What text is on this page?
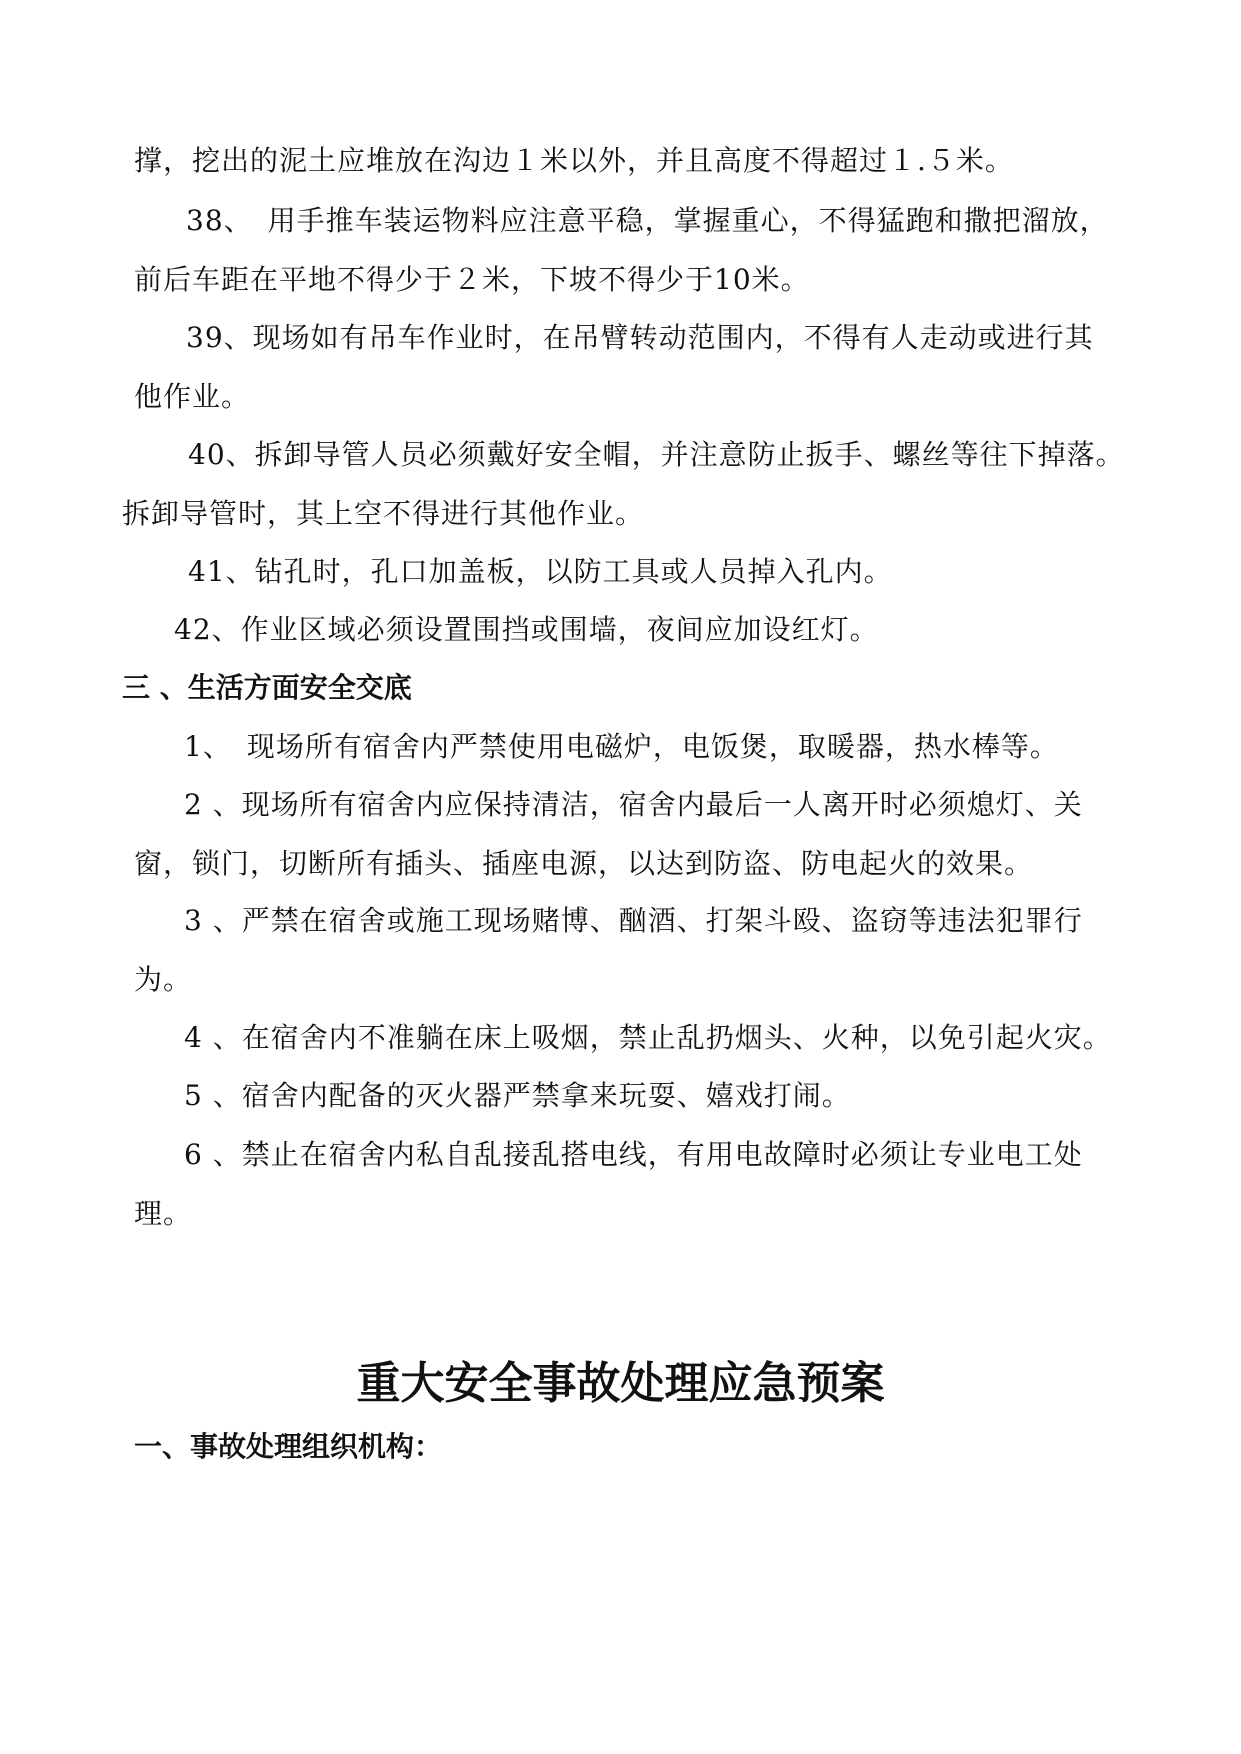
撑，挖出的泥土应堆放在沟边１米以外，并且高度不得超过１.５米。
38、　用手推车装运物料应注意平稳，掌握重心，不得猛跑和撒把溜放，
前后车距在平地不得少于２米，下坡不得少于10米。
39、现场如有吊车作业时，在吊臂转动范围内，不得有人走动或进行其
他作业。
40、拆卸导管人员必须戴好安全帽，并注意防止扳手、螺丝等往下掉落。
拆卸导管时，其上空不得进行其他作业。
41、钻孔时，孔口加盖板，以防工具或人员掉入孔内。
42、作业区域必须设置围挡或围墙，夜间应加设红灯。
三 、生活方面安全交底
1、　现场所有宿舍内严禁使用电磁炉，电饭煲，取暖器，热水棒等。
2 、现场所有宿舍内应保持清洁，宿舍内最后一人离开时必须熄灯、关
窗，锁门，切断所有插头、插座电源，以达到防盗、防电起火的效果。
3 、严禁在宿舍或施工现场赌博、酗酒、打架斗殴、盗窃等违法犯罪行
为。
4 、在宿舍内不准躺在床上吸烟，禁止乱扔烟头、火种，以免引起火灾。
5 、宿舍内配备的灭火器严禁拿来玩耍、嬉戏打闹。
6 、禁止在宿舍内私自乱接乱搭电线，有用电故障时必须让专业电工处
理。
重大安全事故处理应急预案
一、事故处理组织机构：
